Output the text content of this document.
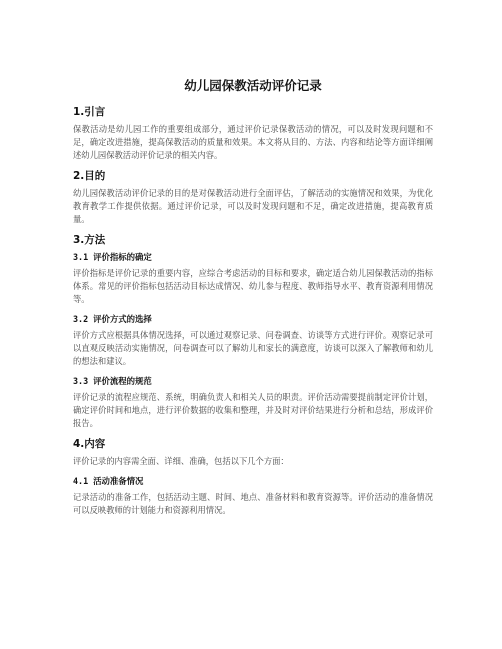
幼儿园保教活动评价记录
1.引言

保教活动是幼儿园工作的重要组成部分，通过评价记录保教活动的情况，可以及时发现问题和不足，确定改进措施，提高保教活动的质量和效果。本文将从目的、方法、内容和结论等方面详细阐述幼儿园保教活动评价记录的相关内容。

2.目的

幼儿园保教活动评价记录的目的是对保教活动进行全面评估，了解活动的实施情况和效果，为优化教育教学工作提供依据。通过评价记录，可以及时发现问题和不足，确定改进措施，提高教育质量。

3.方法
3.1 评价指标的确定

评价指标是评价记录的重要内容，应综合考虑活动的目标和要求，确定适合幼儿园保教活动的指标体系。常见的评价指标包括活动目标达成情况、幼儿参与程度、教师指导水平、教育资源利用情况等。

3.2 评价方式的选择

评价方式应根据具体情况选择，可以通过观察记录、问卷调查、访谈等方式进行评价。观察记录可以直观反映活动实施情况，问卷调查可以了解幼儿和家长的满意度，访谈可以深入了解教师和幼儿的想法和建议。

3.3 评价流程的规范

评价记录的流程应规范、系统，明确负责人和相关人员的职责。评价活动需要提前制定评价计划，确定评价时间和地点，进行评价数据的收集和整理，并及时对评价结果进行分析和总结，形成评价报告。

4.内容

评价记录的内容需全面、详细、准确，包括以下几个方面：

4.1 活动准备情况

记录活动的准备工作，包括活动主题、时间、地点、准备材料和教育资源等。评价活动的准备情况可以反映教师的计划能力和资源利用情况。
